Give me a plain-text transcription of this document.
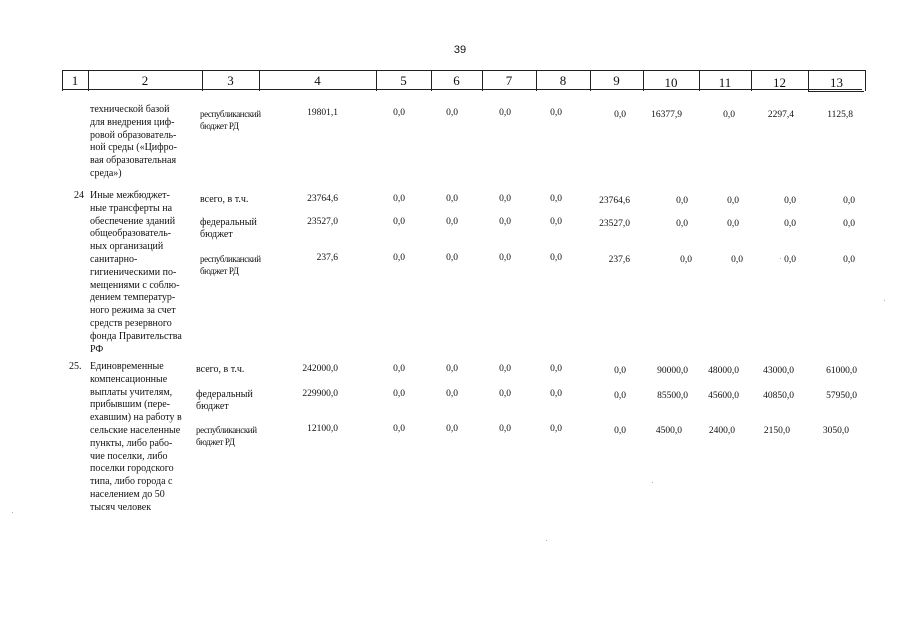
39
1	2	3	4	5	6	7	8	9	10	11	12	13
технической базой
для внедрения циф-
ровой образователь-
ной среды («Цифро-
вая образовательная
среда»)
республиканский
бюджет РД
19801,1	0,0	0,0	0,0	0,0	0,0	16377,9	0,0	2297,4	1125,8
24 Иные межбюджет-
ные трансферты на
обеспечение зданий
общеобразователь-
ных организаций
санитарно-
гигиеническими по-
мещениями с соблю-
дением температур-
ного режима за счет
средств резервного
фонда Правительства
РФ
всего, в т.ч.	23764,6	0,0	0,0	0,0	0,0	23764,6	0,0	0,0	0,0	0,0
федеральный
бюджет
23527,0	0,0	0,0	0,0	0,0	23527,0	0,0	0,0	0,0	0,0
республиканский
бюджет РД
237,6	0,0	0,0	0,0	0,0	237,6	0,0	0,0	0,0	0,0
25. Единовременные
компенсационные
выплаты учителям,
прибывшим (пере-
ехавшим) на работу в
сельские населенные
пункты, либо рабо-
чие поселки, либо
поселки городского
типа, либо города с
населением до 50
тысяч человек
всего, в т.ч.	242000,0	0,0	0,0	0,0	0,0	0,0	90000,0 48000,0	43000,0	61000,0
федеральный
бюджет
229900,0	0,0	0,0	0,0	0,0	0,0	85500,0 45600,0	40850,0	57950,0
республиканский
бюджет РД
12100,0	0,0	0,0	0,0	0,0	0,0	4500,0	2400,0	2150,0	3050,0
